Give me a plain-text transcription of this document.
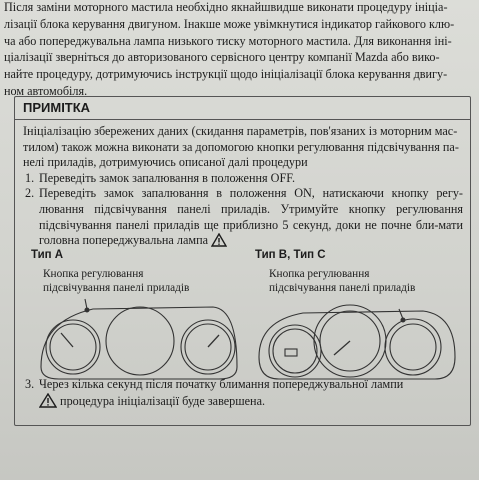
Після заміни моторного мастила необхідно якнайшвидше виконати процедуру ініціа-

лізації блока керування двигуном. Інакше може увімкнутися індикатор гайкового клю-

ча або попереджувальна лампа низького тиску моторного мастила. Для виконання іні-

ціалізації зверніться до авторизованого сервісного центру компанії Mazda або вико-

найте процедуру, дотримуючись інструкції щодо ініціалізації блока керування двигу-

ном автомобіля.

ПРИМІТКА

Ініціалізацію збережених даних (скидання параметрів, пов'язаних із моторним мас-

тилом) також можна виконати за допомогою кнопки регулювання підсвічування па-

нелі приладів, дотримуючись описаної далі процедури

1. Переведіть замок запалювання в положення OFF.
2. Переведіть замок запалювання в положення ON, натискаючи кнопку регу-лювання підсвічування панелі приладів. Утримуйте кнопку регулювання підсвічування панелі приладів ще приблизно 5 секунд, доки не почне бли-мати головна попереджувальна лампа
Тип А
Кнопка регулювання
підсвічування панелі приладів
Тип В, Тип С
Кнопка регулювання
підсвічування панелі приладів
3. Через кілька секунд після початку блимання попереджувальної лампи
процедура ініціалізації буде завершена.
